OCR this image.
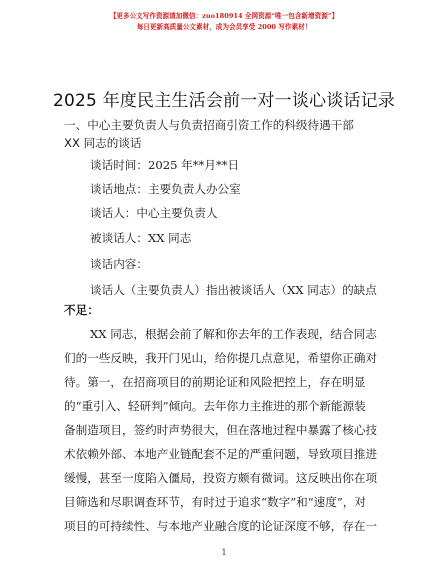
【更多公文写作资源请加微信：zuo180914 全网资源“唯一包含新增资源”】
每日更新高质量公文素材，成为会员享受 2000 写作素材！
2025 年度民主生活会前一对一谈心谈话记录
一、中心主要负责人与负责招商引资工作的科级待遇干部
XX 同志的谈话
谈话时间：2025 年**月**日
谈话地点：主要负责人办公室
谈话人：中心主要负责人
被谈话人：XX 同志
谈话内容：
谈话人（主要负责人）指出被谈话人（XX 同志）的缺点
不足：
XX 同志，根据会前了解和你去年的工作表现，结合同志
们的一些反映，我开门见山，给你提几点意见，希望你正确对
待。第一，在招商项目的前期论证和风险把控上，存在明显
的“重引入、轻研判”倾向。去年你力主推进的那个新能源装
备制造项目，签约时声势很大，但在落地过程中暴露了核心技
术依赖外部、本地产业链配套不足的严重问题，导致项目推进
缓慢，甚至一度陷入僵局，投资方颇有微词。这反映出你在项
目筛选和尽职调查环节，有时过于追求“数字”和“速度”，对
项目的可持续性、与本地产业融合度的论证深度不够，存在一
1
